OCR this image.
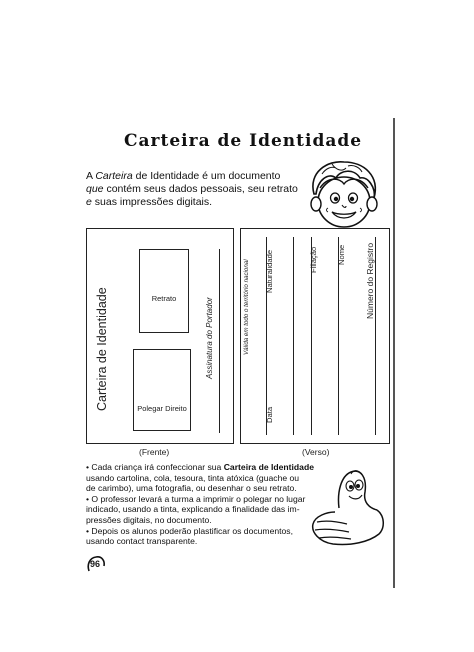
Carteira de Identidade

A Carteira de Identidade é um documento

que contém seus dados pessoais, seu retrato

e suas impressões digitais.

Carteira de Identidade	Retrato
Polegar Direito
Assinatura do Portador
(Frente)
Válida em todo o território nacional Naturalidade
Data
Filiação	Nome Número do Registro
(Verso)

• Cada criança irá confeccionar sua Carteira de Identidade

usando cartolina, cola, tesoura, tinta atóxica (guache ou

de carimbo), uma fotografia, ou desenhar o seu retrato.

• O professor levará a turma a imprimir o polegar no lugar

indicado, usando a tinta, explicando a finalidade das im-

pressões digitais, no documento.

• Depois os alunos poderão plastificar os documentos,

usando contact transparente.

96
